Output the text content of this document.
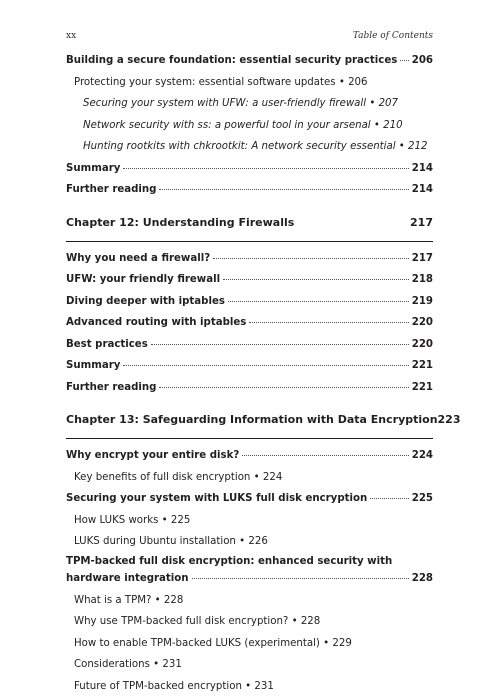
xx	Table of Contents
Building a secure foundation: essential security practices 206
Protecting your system: essential software updates • 206
Securing your system with UFW: a user-friendly firewall • 207
Network security with ss: a powerful tool in your arsenal • 210
Hunting rootkits with chkrootkit: A network security essential • 212
Summary	214
Further reading	214
Chapter 12: Understanding Firewalls	217
Why you need a firewall?	217
UFW: your friendly firewall	218
Diving deeper with iptables	219
Advanced routing with iptables	220
Best practices	220
Summary	221
Further reading	221
Chapter 13: Safeguarding Information with Data Encryption 223
Why encrypt your entire disk?	224
Key benefits of full disk encryption • 224
Securing your system with LUKS full disk encryption	225
How LUKS works • 225
LUKS during Ubuntu installation • 226
TPM-backed full disk encryption: enhanced security with
hardware integration	228
What is a TPM? • 228
Why use TPM-backed full disk encryption? • 228
How to enable TPM-backed LUKS (experimental) • 229
Considerations • 231
Future of TPM-backed encryption • 231
